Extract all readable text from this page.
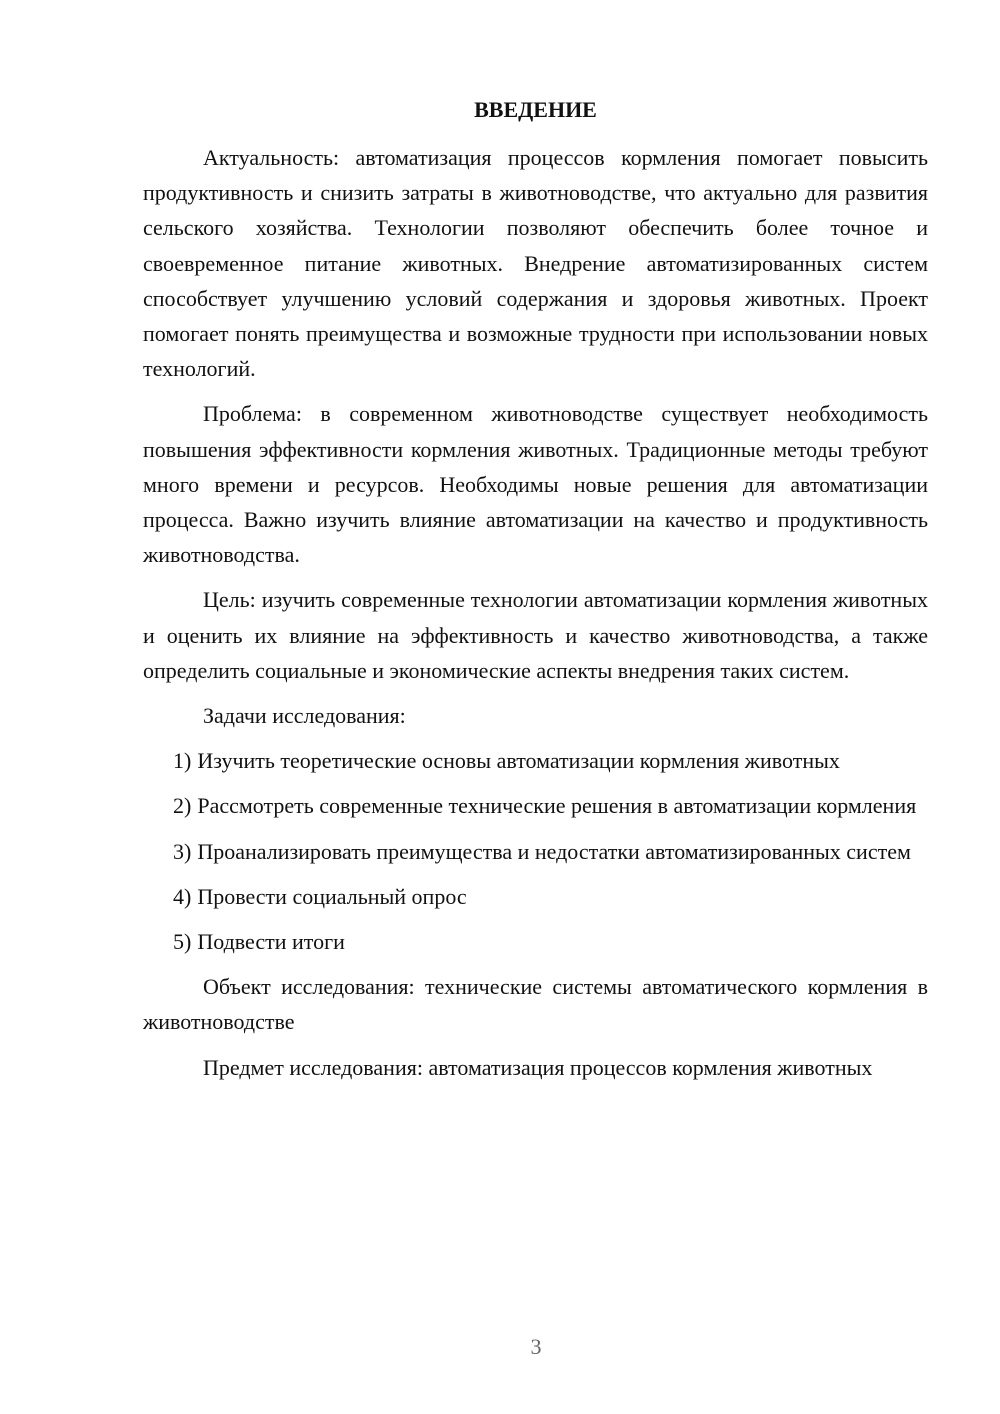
ВВЕДЕНИЕ

Актуальность: автоматизация процессов кормления помогает повысить продуктивность и снизить затраты в животноводстве, что актуально для развития сельского хозяйства. Технологии позволяют обеспечить более точное и своевременное питание животных. Внедрение автоматизированных систем способствует улучшению условий содержания и здоровья животных. Проект помогает понять преимущества и возможные трудности при использовании новых технологий.

Проблема: в современном животноводстве существует необходимость повышения эффективности кормления животных. Традиционные методы требуют много времени и ресурсов. Необходимы новые решения для автоматизации процесса. Важно изучить влияние автоматизации на качество и продуктивность животноводства.

Цель: изучить современные технологии автоматизации кормления животных и оценить их влияние на эффективность и качество животноводства, а также определить социальные и экономические аспекты внедрения таких систем.

Задачи исследования:

1) Изучить теоретические основы автоматизации кормления животных

2) Рассмотреть современные технические решения в автоматизации кормления

3) Проанализировать преимущества и недостатки автоматизированных систем

4) Провести социальный опрос

5) Подвести итоги

Объект исследования: технические системы автоматического кормления в животноводстве

Предмет исследования: автоматизация процессов кормления животных

3
